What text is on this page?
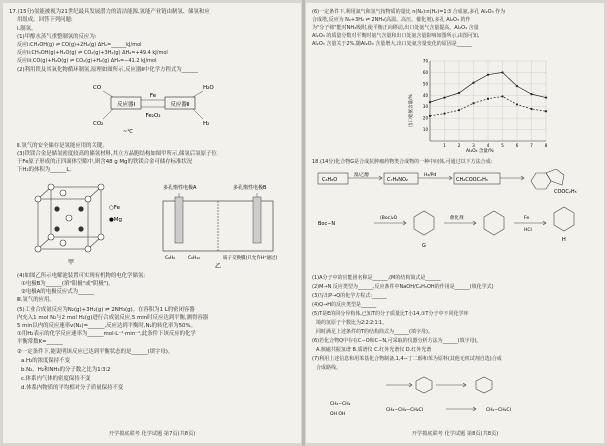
17.(15分)氢能被视为21世纪最具发展潜力的清洁能源,氢能产业链由制氢、储氢和应
用组成。回答下列问题:
Ⅰ.制氢。
(1)甲醇水蒸气重整制氢的反应为:
反应i:CH₃OH(g) ⇌ CO(g)+2H₂(g) ΔH₁=______kJ/mol
反应ii:CH₃OH(g)+H₂O(g) ⇌ CO₂(g)+3H₂(g) ΔH₂=+49.4 kJ/mol
反应iii:CO(g)+H₂O(g) ⇌ CO₂(g)+H₂(g) ΔH₃=−41.2 kJ/mol
(2)利用铁及其氧化物循环制氢,原理如图所示,反应器Ⅱ中化学方程式为______
反应器Ⅰ	反应器Ⅱ
Fe
Fe₂O₃
CO
CO₂
H₂O
H₂
~℃
Ⅱ.氢气的安全储存是氢能应用的关键。
(3)铁镁合金是储氢密度较高的储氢材料,其立方晶胞结构如图甲所示,储氢后氢原子位
于Fe原子形成的正四面体空隙中,则含48 g Mg的铁镁合金可储存标准状况
下H₂的体积为______L。
○Fe
●Mg
甲
多孔惰性电极A	多孔惰性电极B
C₆H₆	C₆H₁₂	质子交换膜(只允许H⁺通过)
乙
(4)如图乙所示电解池装置可实现有机物的电化学储氢:
①电极B为______(填"阳极"或"阴极")。
②电极A的电极反应式为______
Ⅲ.氢气的应用。
(5)工业合成氨反应为N₂(g)+3H₂(g) ⇌ 2NH₃(g)。在容积为1 L的密闭容器
内充入1 mol N₂与2 mol H₂(g)进行合成氨反应,5 min时反应达到平衡,测得容器
5 min以内的反应速率v(N₂)=______,反应达到平衡时,N₂的转化率为50%。
①用H₂表示的化学反应速率为______mol·L⁻¹·min⁻¹,此条件下该反应的化学
平衡常数K=______
②一定条件下,能说明该反应已达到平衡状态的是______(填字母)。
a.H₂的浓度保持不变
b.N₂、H₂和NH₃的分子数之比为1∶3∶2
c.体系内气体的密度保持不变
d.体系内物质的平均相对分子质量保持不变
开学摸底联考 化学试题 第7页(共8页)
(6)一定条件下,利用氮气和氢气按物质的量比 n(N₂)∶n(H₂)=1∶3 合成氨,多孔 Al₂O₃ 作为
合成塔,反应为 N₂+3H₂ ⇌ 2NH₃(高温、高压、催化剂),多孔 Al₂O₃ 的作
为"分子筛"能对NH₃吸附,使平衡正向移动,出口处氨气含量提高。Al₂O₃ 含量
Al₂O₃ 的质量分数对平衡时氨气含量和出口处氨含量影响如图所示,由图可知,
Al₂O₃ 含量关于2%,随Al₂O₃ 含量增大,出口处氨含量变化的原因是______
出口处氨含量/%
Al₂O₃ 含量/%
10
20
30
40
50
60
70
1	2	3	4	5	6	7	8
18.(14分)化合物G是合成抗肿瘤药物类合成物的一种中间体,可通过以下方法合成:
C₆H₆O	C₇H₈NO₂	CH₂COOC₂H₅
溴/乙醇	H₂/Pd
COOC₂H₅
Boc−N
(Boc)₂O	催化剂	Fe
HCl
G
H
(1)A分子中的官能团名称是______,(M的结构简式是______
(2)M→N 反应类型为______,反应条件中NaOH/C₂H₅OH的作用是______(填化学式)
(3)写出P→Q的化学方程式:______
(4)Q→H的反应类型是______
(5)T是E的同分异构体,已知T的分子质量比T小14,①T分子中不同化学环
境的氢原子个数比为2∶2∶2∶1∶1。
同时满足上述条件的T的结构简式为______(填字母)。
(6)若化合物Q中存在C−O和C−N,可采取的仪器分析方法为______(填字母)。
A.核磁共振氢谱 B.质谱仪 C.红外光谱仪 D.红外光谱
(7)利用上述信息和用苯基化合物制备,1,4−丁二醇和苯为原料(其他无机试剂自选)合成
合成路线。
CH₂−CH₂
OH OH
CH₂−CH₂−CH₂Cl	CH₂−CH₂Cl
开学摸底联考 化学试题 第8页(共8页)
